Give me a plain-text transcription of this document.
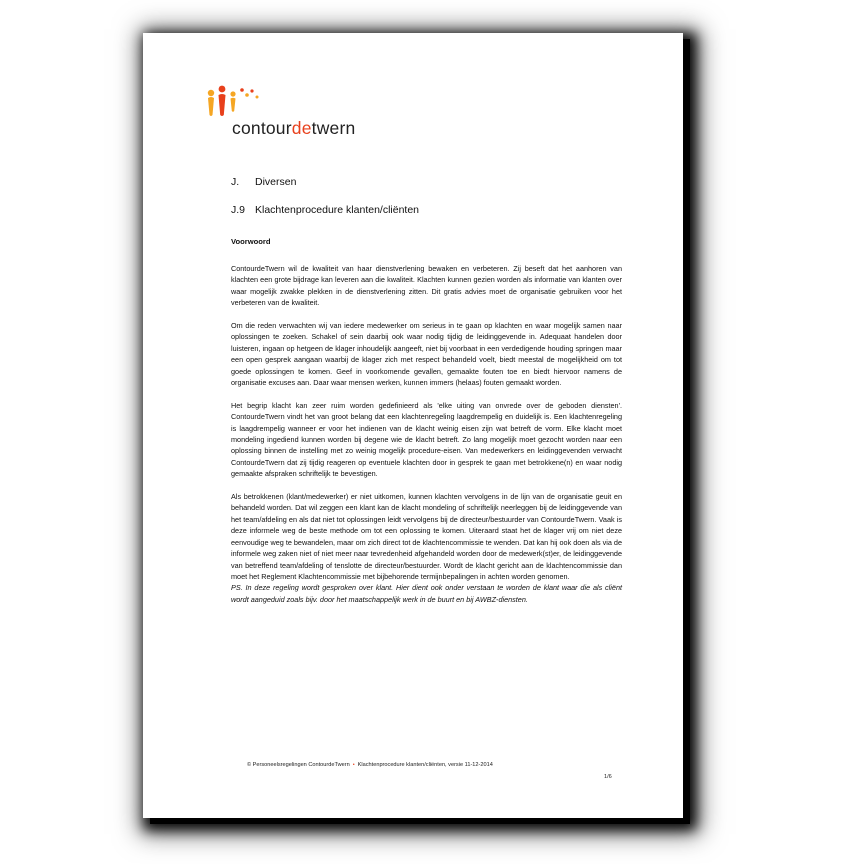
contourdetwern
J. Diversen
J.9 Klachtenprocedure klanten/cliënten
Voorwoord

ContourdeTwern wil de kwaliteit van haar dienstverlening bewaken en verbeteren. Zij beseft dat het aanhoren van klachten een grote bijdrage kan leveren aan die kwaliteit. Klachten kunnen gezien worden als informatie van klanten over waar mogelijk zwakke plekken in de dienstverlening zitten. Dit gratis advies moet de organisatie gebruiken voor het verbeteren van de kwaliteit.

Om die reden verwachten wij van iedere medewerker om serieus in te gaan op klachten en waar mogelijk samen naar oplossingen te zoeken. Schakel of sein daarbij ook waar nodig tijdig de leidinggevende in. Adequaat handelen door luisteren, ingaan op hetgeen de klager inhoudelijk aangeeft, niet bij voorbaat in een verdedigende houding springen maar een open gesprek aangaan waarbij de klager zich met respect behandeld voelt, biedt meestal de mogelijkheid om tot goede oplossingen te komen. Geef in voorkomende gevallen, gemaakte fouten toe en biedt hiervoor namens de organisatie excuses aan. Daar waar mensen werken, kunnen immers (helaas) fouten gemaakt worden.

Het begrip klacht kan zeer ruim worden gedefinieerd als 'elke uiting van onvrede over de geboden diensten'. ContourdeTwern vindt het van groot belang dat een klachtenregeling laagdrempelig en duidelijk is. Een klachtenregeling is laagdrempelig wanneer er voor het indienen van de klacht weinig eisen zijn wat betreft de vorm. Elke klacht moet mondeling ingediend kunnen worden bij degene wie de klacht betreft. Zo lang mogelijk moet gezocht worden naar een oplossing binnen de instelling met zo weinig mogelijk procedure-eisen. Van medewerkers en leidinggevenden verwacht ContourdeTwern dat zij tijdig reageren op eventuele klachten door in gesprek te gaan met betrokkene(n) en waar nodig gemaakte afspraken schriftelijk te bevestigen.

Als betrokkenen (klant/medewerker) er niet uitkomen, kunnen klachten vervolgens in de lijn van de organisatie geuit en behandeld worden. Dat wil zeggen een klant kan de klacht mondeling of schriftelijk neerleggen bij de leidinggevende van het team/afdeling en als dat niet tot oplossingen leidt vervolgens bij de directeur/bestuurder van ContourdeTwern. Vaak is deze informele weg de beste methode om tot een oplossing te komen. Uiteraard staat het de klager vrij om niet deze eenvoudige weg te bewandelen, maar om zich direct tot de klachtencommissie te wenden. Dat kan hij ook doen als via de informele weg zaken niet of niet meer naar tevredenheid afgehandeld worden door de medewerk(st)er, de leidinggevende van betreffend team/afdeling of tenslotte de directeur/bestuurder. Wordt de klacht gericht aan de klachtencommissie dan moet het Reglement Klachtencommissie met bijbehorende termijnbepalingen in achten worden genomen.

PS. In deze regeling wordt gesproken over klant. Hier dient ook onder verstaan te worden de klant waar die als cliënt wordt aangeduid zoals bijv. door het maatschappelijk werk in de buurt en bij AWBZ-diensten.

© Personeelsregelingen ContourdeTwern • Klachtenprocedure klanten/cliënten, versie 11-12-2014
1/6
